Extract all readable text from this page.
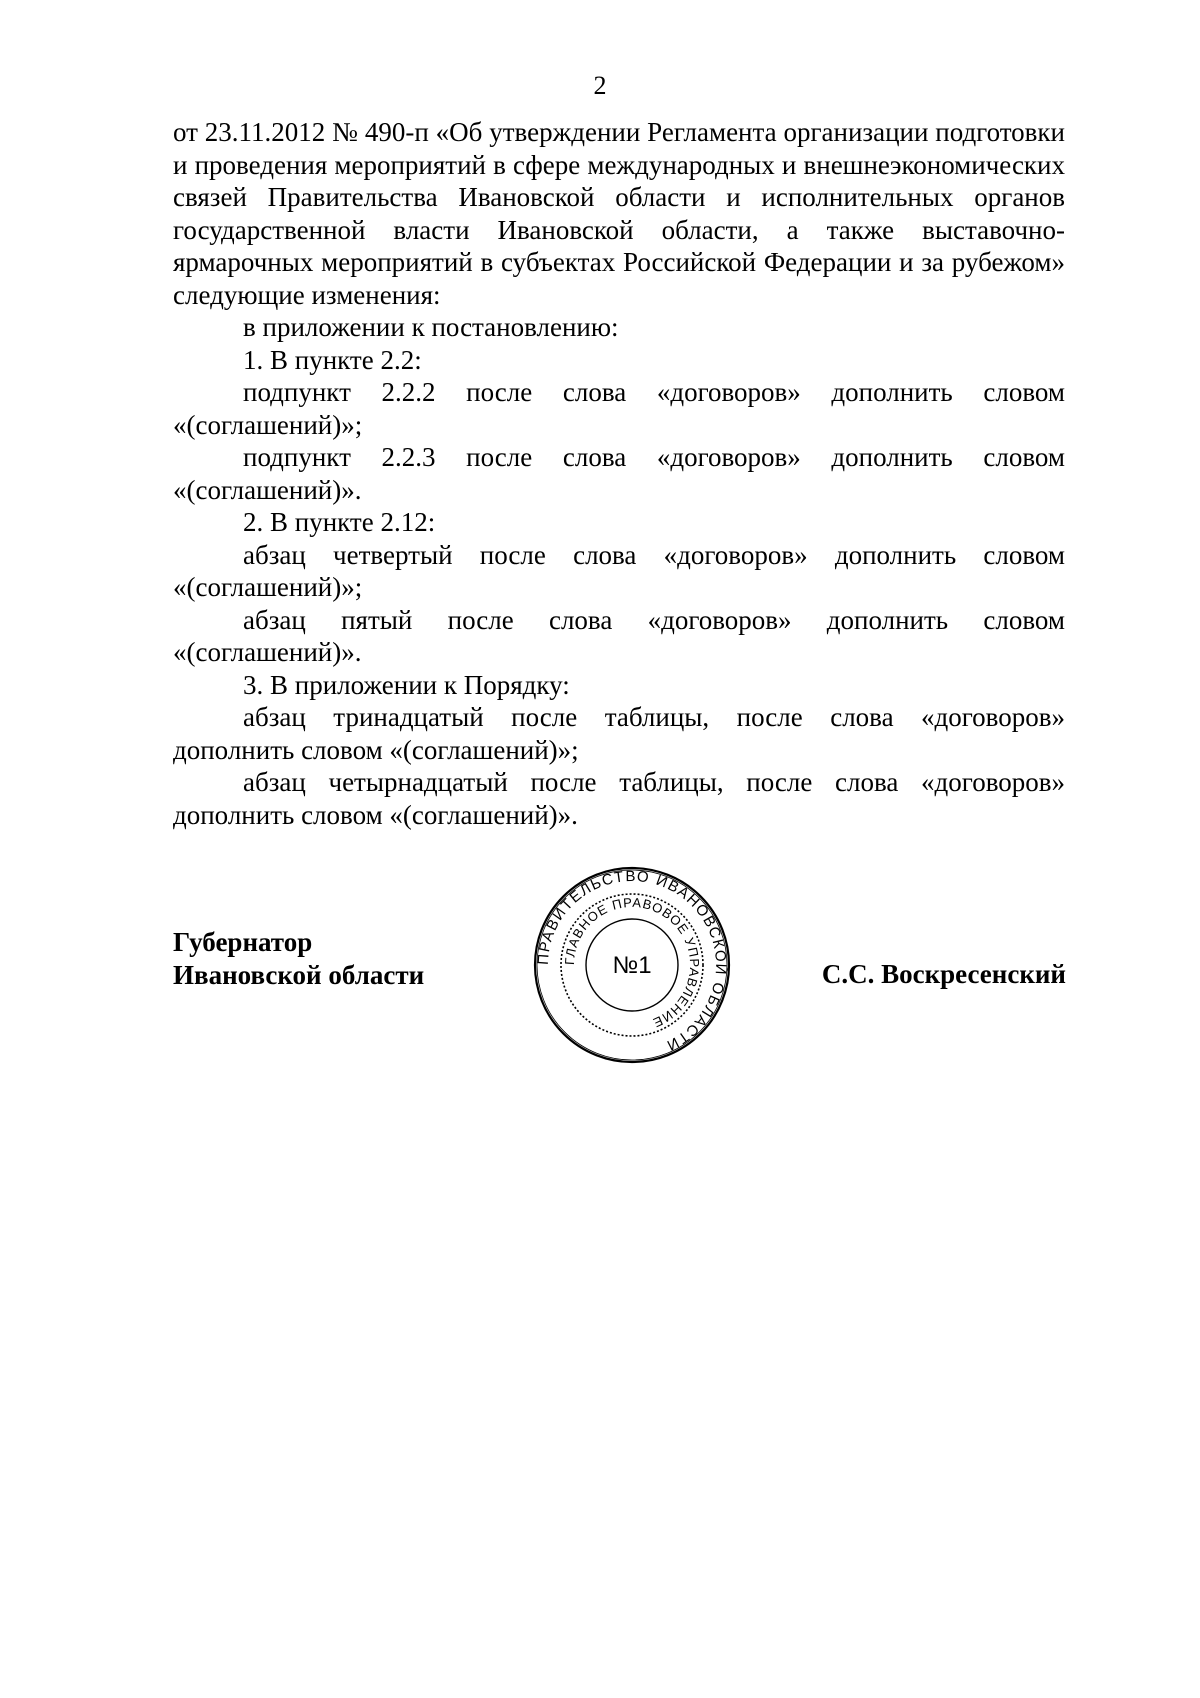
2

от 23.11.2012 № 490-п «Об утверждении Регламента организации подготовки и проведения мероприятий в сфере международных и внешнеэкономических связей Правительства Ивановской области и исполнительных органов государственной власти Ивановской области, а также выставочно-ярмарочных мероприятий в субъектах Российской Федерации и за рубежом» следующие изменения:

в приложении к постановлению:

1. В пункте 2.2:

подпункт 2.2.2 после слова «договоров» дополнить словом «(соглашений)»;

подпункт 2.2.3 после слова «договоров» дополнить словом «(соглашений)».

2. В пункте 2.12:

абзац четвертый после слова «договоров» дополнить словом «(соглашений)»;

абзац пятый после слова «договоров» дополнить словом «(соглашений)».

3. В приложении к Порядку:

абзац тринадцатый после таблицы, после слова «договоров» дополнить словом «(соглашений)»;

абзац четырнадцатый после таблицы, после слова «договоров» дополнить словом «(соглашений)».

Губернатор
Ивановской области
ПРАВИТЕЛЬСТВО ИВАНОВСКОЙ ОБЛАСТИ
ГЛАВНОЕ ПРАВОВОЕ УПРАВЛЕНИЕ
№1	С.С. Воскресенский
